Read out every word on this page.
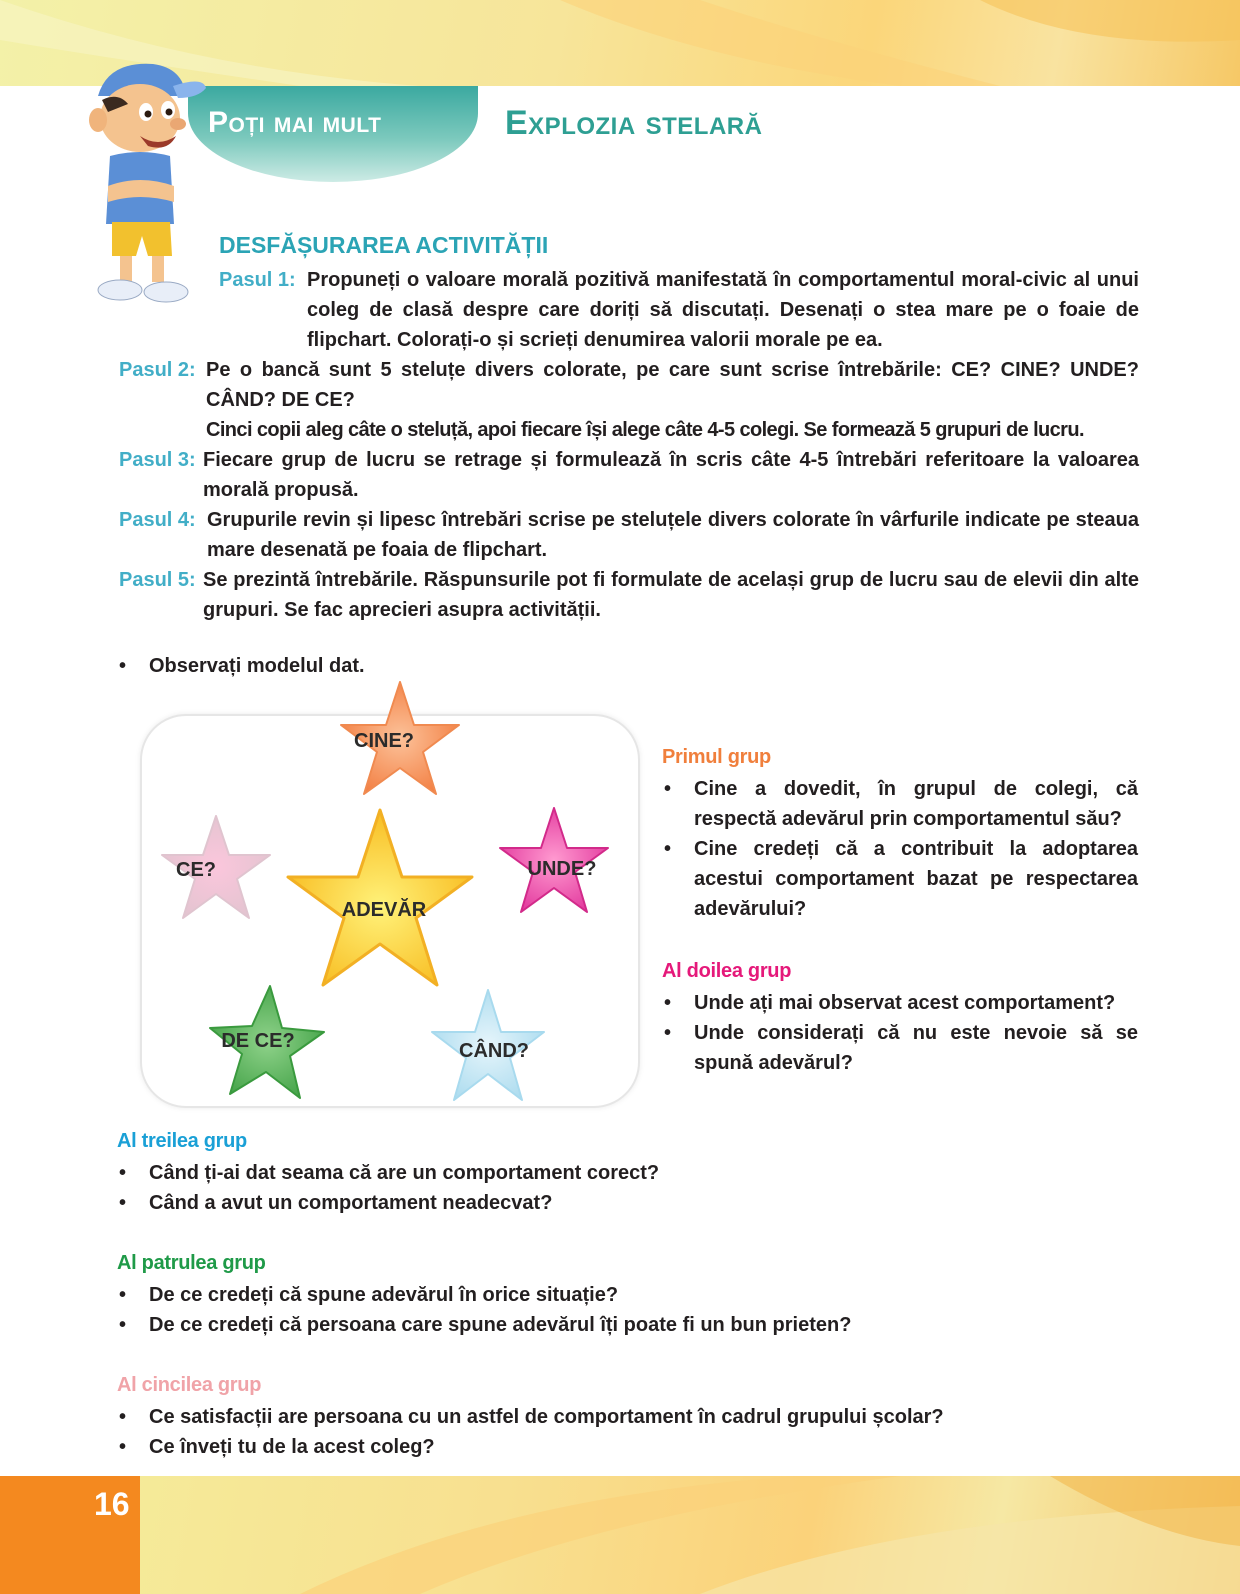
16
Poți mai mult	Explozia stelară
DESFĂȘURAREA ACTIVITĂȚII
Pasul 1: Propuneți o valoare morală pozitivă manifestată în comportamentul moral-civic al unui coleg de clasă despre care doriți să discutați. Desenați o stea mare pe o foaie de flipchart. Colorați-o și scrieți denumirea valorii morale pe ea.
Pasul 2: Pe o bancă sunt 5 steluțe divers colorate, pe care sunt scrise întrebările: CE? CINE? UNDE? CÂND? DE CE?
Cinci copii aleg câte o steluță, apoi fiecare își alege câte 4-5 colegi. Se formează 5 grupuri de lucru.
Pasul 3: Fiecare grup de lucru se retrage și formulează în scris câte 4-5 întrebări referitoare la valoarea morală propusă.
Pasul 4: Grupurile revin și lipesc întrebări scrise pe steluțele divers colorate în vârfurile indicate pe steaua mare desenată pe foaia de flipchart.
Pasul 5: Se prezintă întrebările. Răspunsurile pot fi formulate de același grup de lucru sau de elevii din alte grupuri. Se fac aprecieri asupra activității.
• Observați modelul dat.
ADEVĂR
CINE?
CE?	UNDE?
DE CE?	CÂND?
Primul grup
• Cine a dovedit, în grupul de colegi, că respectă adevărul prin comportamentul său?
• Cine credeți că a contribuit la adoptarea acestui comportament bazat pe respectarea adevărului?
Al doilea grup
• Unde ați mai observat acest comportament?
• Unde considerați că nu este nevoie să se spună adevărul?
Al treilea grup
• Când ți-ai dat seama că are un comportament corect?
• Când a avut un comportament neadecvat?
Al patrulea grup
• De ce credeți că spune adevărul în orice situație?
• De ce credeți că persoana care spune adevărul îți poate fi un bun prieten?
Al cincilea grup
• Ce satisfacții are persoana cu un astfel de comportament în cadrul grupului școlar?
• Ce înveți tu de la acest coleg?
